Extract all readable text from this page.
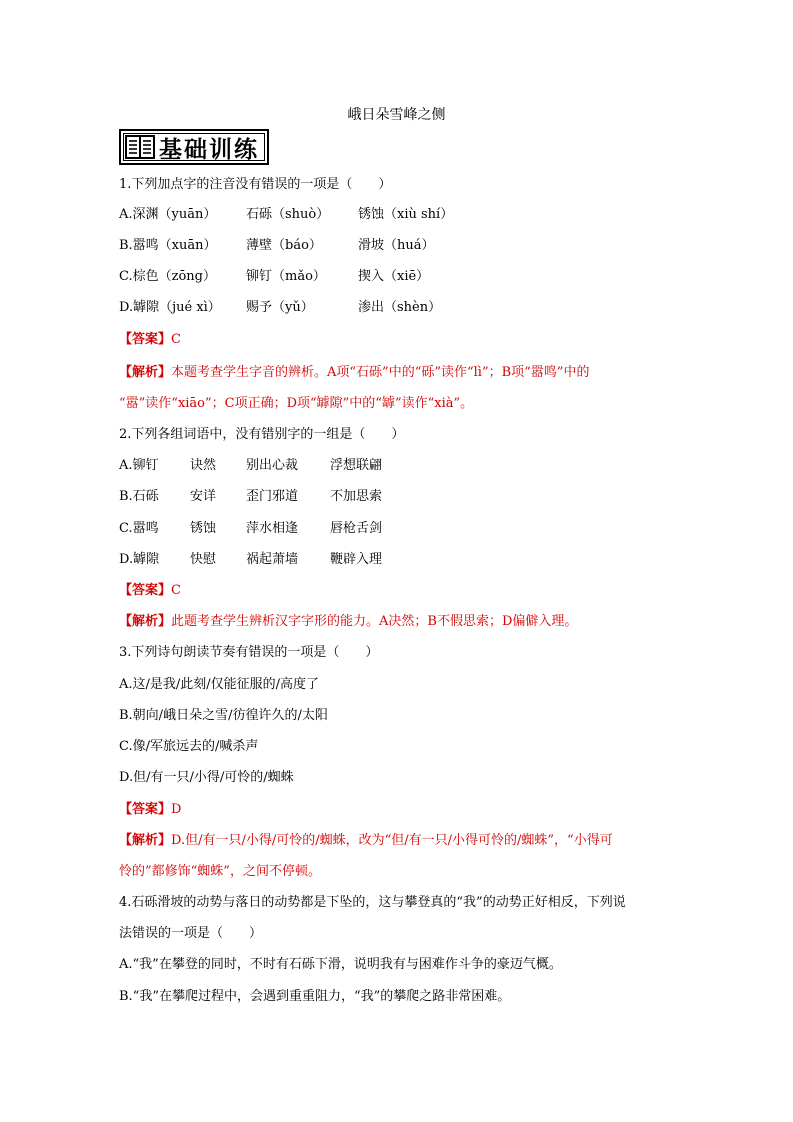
峨日朵雪峰之侧
基础训练
1.下列加点字的注音没有错误的一项是（　　）
A.深渊（yuān） 石砾（shuò） 锈蚀（xiù shí）
B.嚣鸣（xuān） 薄壁（báo）	滑坡（huá）
C.棕色（zōng） 铆钉（mǎo） 揳入（xiē）
D.罅隙（jué xì） 赐予（yǔ）	渗出（shèn）
【答案】C
【解析】本题考查学生字音的辨析。A项“石砾”中的“砾”读作“lì”；B项“嚣鸣”中的
“嚣”读作“xiāo”；C项正确；D项“罅隙”中的“罅”读作“xià”。
2.下列各组词语中，没有错别字的一组是（　　）
A.铆钉 诀然 别出心裁 浮想联翩
B.石砾 安详 歪门邪道 不加思索
C.嚣鸣 锈蚀 萍水相逢 唇枪舌剑
D.罅隙 快慰 祸起萧墙 鞭辟入理
【答案】C
【解析】此题考查学生辨析汉字字形的能力。A决然；B不假思索；D偏僻入理。
3.下列诗句朗读节奏有错误的一项是（　　）
A.这/是我/此刻/仅能征服的/高度了
B.朝向/峨日朵之雪/彷徨许久的/太阳
C.像/军旅远去的/喊杀声
D.但/有一只/小得/可怜的/蜘蛛
【答案】D
【解析】D.但/有一只/小得/可怜的/蜘蛛，改为“但/有一只/小得可怜的/蜘蛛”，“小得可
怜的”都修饰“蜘蛛”，之间不停顿。
4.石砾滑坡的动势与落日的动势都是下坠的，这与攀登真的“我”的动势正好相反，下列说
法错误的一项是（　　）
A.“我”在攀登的同时，不时有石砾下滑，说明我有与困难作斗争的豪迈气概。
B.“我”在攀爬过程中，会遇到重重阻力，“我”的攀爬之路非常困难。
